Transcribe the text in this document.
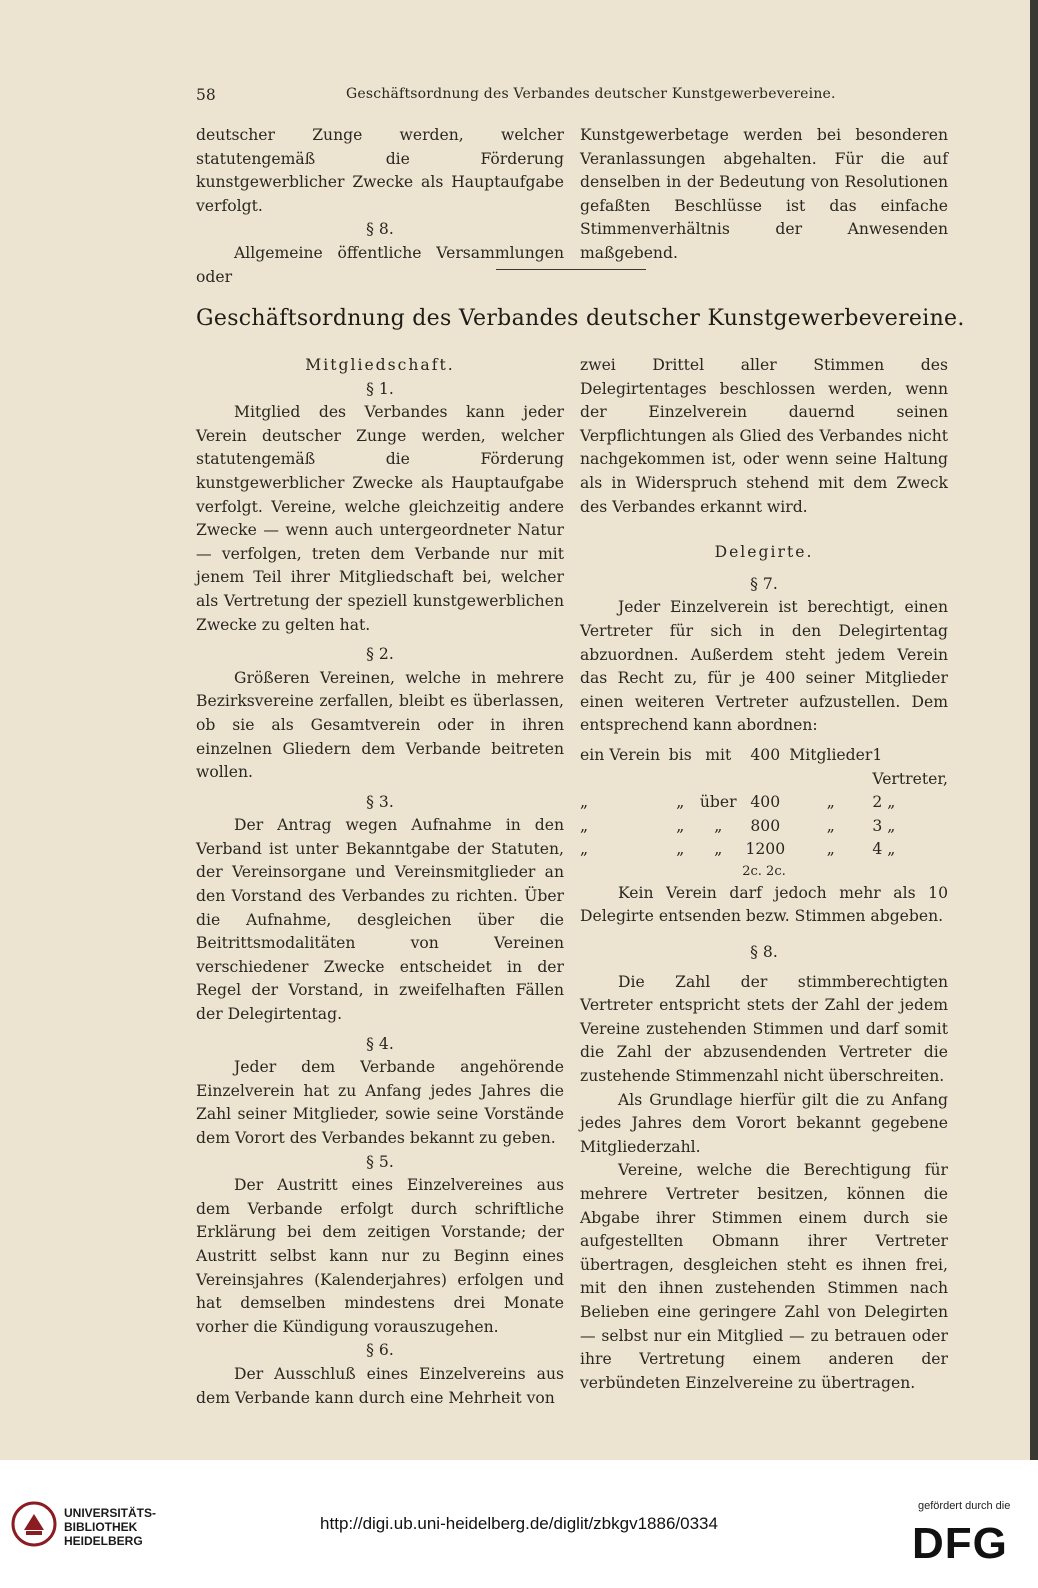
58	Geschäftsordnung des Verbandes deutscher Kunstgewerbevereine.

deutscher Zunge werden, welcher statutengemäß die Förderung kunstgewerblicher Zwecke als Hauptaufgabe verfolgt.

§ 8.

Allgemeine öffentliche Versammlungen oder

Kunstgewerbetage werden bei besonderen Veranlassungen abgehalten. Für die auf denselben in der Bedeutung von Resolutionen gefaßten Beschlüsse ist das einfache Stimmenverhältnis der Anwesenden maßgebend.

Geschäftsordnung des Verbandes deutscher Kunstgewerbevereine.

Mitgliedschaft.

§ 1.

Mitglied des Verbandes kann jeder Verein deutscher Zunge werden, welcher statutengemäß die Förderung kunstgewerblicher Zwecke als Hauptaufgabe verfolgt. Vereine, welche gleichzeitig andere Zwecke — wenn auch untergeordneter Natur — verfolgen, treten dem Verbande nur mit jenem Teil ihrer Mitgliedschaft bei, welcher als Vertretung der speziell kunstgewerblichen Zwecke zu gelten hat.

§ 2.

Größeren Vereinen, welche in mehrere Bezirksvereine zerfallen, bleibt es überlassen, ob sie als Gesamtverein oder in ihren einzelnen Gliedern dem Verbande beitreten wollen.

§ 3.

Der Antrag wegen Aufnahme in den Verband ist unter Bekanntgabe der Statuten, der Vereinsorgane und Vereinsmitglieder an den Vorstand des Verbandes zu richten. Über die Aufnahme, desgleichen über die Beitrittsmodalitäten von Vereinen verschiedener Zwecke entscheidet in der Regel der Vorstand, in zweifelhaften Fällen der Delegirtentag.

§ 4.

Jeder dem Verbande angehörende Einzelverein hat zu Anfang jedes Jahres die Zahl seiner Mitglieder, sowie seine Vorstände dem Vorort des Verbandes bekannt zu geben.

§ 5.

Der Austritt eines Einzelvereines aus dem Verbande erfolgt durch schriftliche Erklärung bei dem zeitigen Vorstande; der Austritt selbst kann nur zu Beginn eines Vereinsjahres (Kalenderjahres) erfolgen und hat demselben mindestens drei Monate vorher die Kündigung vorauszugehen.

§ 6.

Der Ausschluß eines Einzelvereins aus dem Verbande kann durch eine Mehrheit von

zwei Drittel aller Stimmen des Delegirtentages beschlossen werden, wenn der Einzelverein dauernd seinen Verpflichtungen als Glied des Verbandes nicht nachgekommen ist, oder wenn seine Haltung als in Widerspruch stehend mit dem Zweck des Verbandes erkannt wird.

Delegirte.

§ 7.

Jeder Einzelverein ist berechtigt, einen Vertreter für sich in den Delegirtentag abzuordnen. Außerdem steht jedem Verein das Recht zu, für je 400 seiner Mitglieder einen weiteren Vertreter aufzustellen. Dem entsprechend kann abordnen:

ein Verein	bis	mit	400	Mitglieder	1 Vertreter,
„	„	über	400	„	2 „
„	„	„	800	„	3 „
„	„	„	1200	„	4 „

2c. 2c.

Kein Verein darf jedoch mehr als 10 Delegirte entsenden bezw. Stimmen abgeben.

§ 8.

Die Zahl der stimmberechtigten Vertreter entspricht stets der Zahl der jedem Vereine zustehenden Stimmen und darf somit die Zahl der abzusendenden Vertreter die zustehende Stimmenzahl nicht überschreiten.

Als Grundlage hierfür gilt die zu Anfang jedes Jahres dem Vorort bekannt gegebene Mitgliederzahl.

Vereine, welche die Berechtigung für mehrere Vertreter besitzen, können die Abgabe ihrer Stimmen einem durch sie aufgestellten Obmann ihrer Vertreter übertragen, desgleichen steht es ihnen frei, mit den ihnen zustehenden Stimmen nach Belieben eine geringere Zahl von Delegirten — selbst nur ein Mitglied — zu betrauen oder ihre Vertretung einem anderen der verbündeten Einzelvereine zu übertragen.

UNIVERSITÄTS-
BIBLIOTHEK
HEIDELBERG
http://digi.ub.uni-heidelberg.de/diglit/zbkgv1886/0334
gefördert durch die
DFG
